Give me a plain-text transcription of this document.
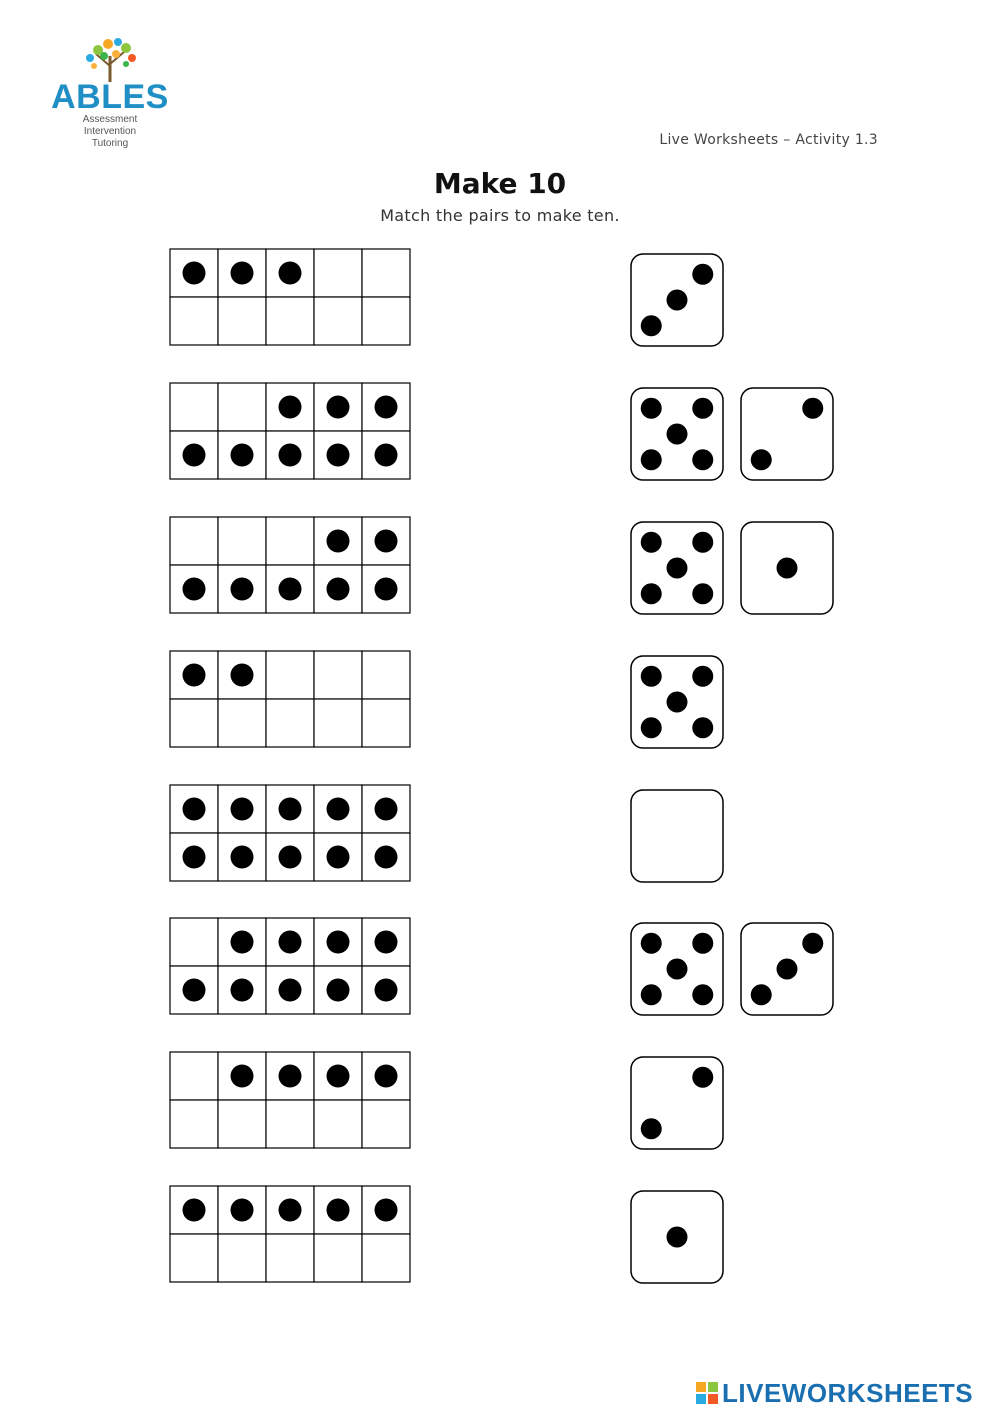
ABLES
Assessment
Intervention
Tutoring	Live Worksheets – Activity 1.3
Make 10
Match the pairs to make ten.
LIVEWORKSHEETS
